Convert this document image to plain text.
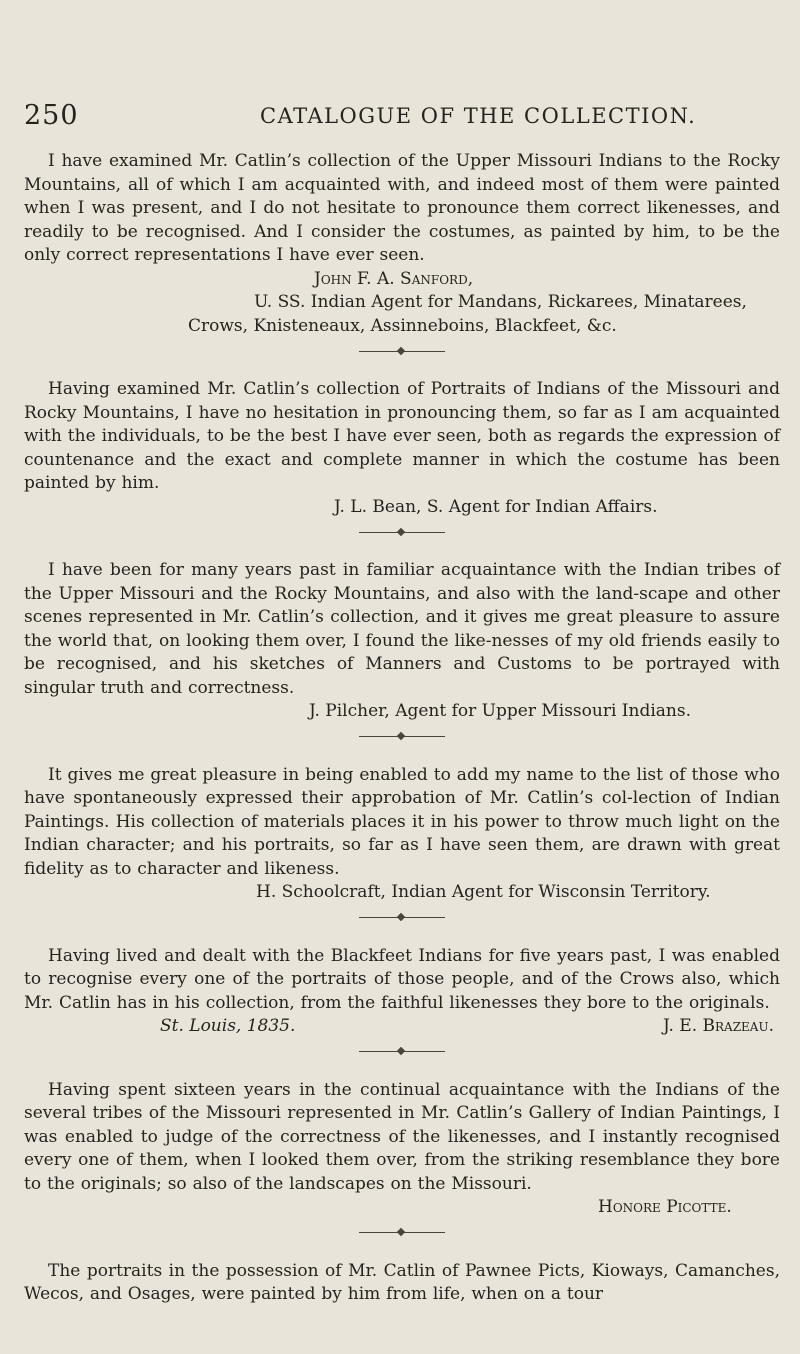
250	CATALOGUE OF THE COLLECTION.

I have examined Mr. Catlin’s collection of the Upper Missouri Indians to the Rocky Mountains, all of which I am acquainted with, and indeed most of them were painted when I was present, and I do not hesitate to pronounce them correct likenesses, and readily to be recognised. And I consider the costumes, as painted by him, to be the only correct representations I have ever seen.

John F. A. Sanford,

U. SS. Indian Agent for Mandans, Rickarees, Minatarees,

Crows, Knisteneaux, Assinneboins, Blackfeet, &c.

Having examined Mr. Catlin’s collection of Portraits of Indians of the Missouri and Rocky Mountains, I have no hesitation in pronouncing them, so far as I am acquainted with the individuals, to be the best I have ever seen, both as regards the expression of countenance and the exact and complete manner in which the costume has been painted by him.

J. L. Bean, S. Agent for Indian Affairs.

I have been for many years past in familiar acquaintance with the Indian tribes of the Upper Missouri and the Rocky Mountains, and also with the land-scape and other scenes represented in Mr. Catlin’s collection, and it gives me great pleasure to assure the world that, on looking them over, I found the like-nesses of my old friends easily to be recognised, and his sketches of Manners and Customs to be portrayed with singular truth and correctness.

J. Pilcher, Agent for Upper Missouri Indians.

It gives me great pleasure in being enabled to add my name to the list of those who have spontaneously expressed their approbation of Mr. Catlin’s col-lection of Indian Paintings. His collection of materials places it in his power to throw much light on the Indian character; and his portraits, so far as I have seen them, are drawn with great fidelity as to character and likeness.

H. Schoolcraft, Indian Agent for Wisconsin Territory.

Having lived and dealt with the Blackfeet Indians for five years past, I was enabled to recognise every one of the portraits of those people, and of the Crows also, which Mr. Catlin has in his collection, from the faithful likenesses they bore to the originals.

St. Louis, 1835.	J. E. Brazeau.

Having spent sixteen years in the continual acquaintance with the Indians of the several tribes of the Missouri represented in Mr. Catlin’s Gallery of Indian Paintings, I was enabled to judge of the correctness of the likenesses, and I instantly recognised every one of them, when I looked them over, from the striking resemblance they bore to the originals; so also of the landscapes on the Missouri.

Honore Picotte.

The portraits in the possession of Mr. Catlin of Pawnee Picts, Kioways, Camanches, Wecos, and Osages, were painted by him from life, when on a tour
